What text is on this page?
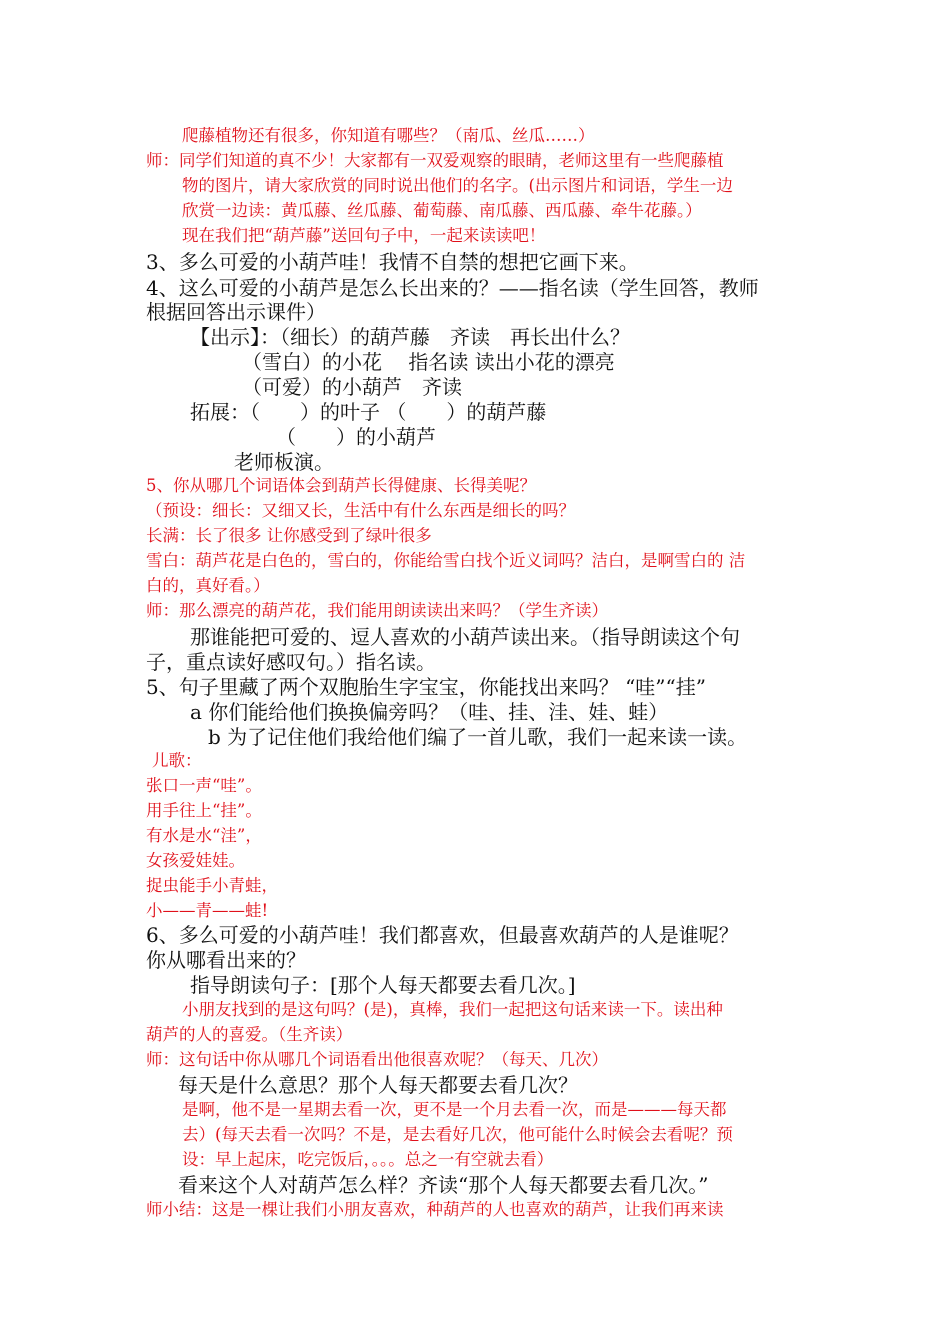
爬藤植物还有很多，你知道有哪些？（南瓜、丝瓜……）
师：同学们知道的真不少！大家都有一双爱观察的眼睛，老师这里有一些爬藤植
物的图片，请大家欣赏的同时说出他们的名字。(出示图片和词语，学生一边
欣赏一边读：黄瓜藤、丝瓜藤、葡萄藤、南瓜藤、西瓜藤、牵牛花藤。）
现在我们把“葫芦藤”送回句子中，一起来读读吧！
3、多么可爱的小葫芦哇！我情不自禁的想把它画下来。
4、这么可爱的小葫芦是怎么长出来的？——指名读（学生回答，教师
根据回答出示课件）
【出示】：（细长）的葫芦藤　齐读　再长出什么？
（雪白）的小花　 指名读 读出小花的漂亮
（可爱）的小葫芦　齐读
拓展：（　　）的叶子 （　　）的葫芦藤
（　　）的小葫芦
老师板演。
5、你从哪几个词语体会到葫芦长得健康、长得美呢？
（预设：细长：又细又长，生活中有什么东西是细长的吗？
长满：长了很多 让你感受到了绿叶很多
雪白：葫芦花是白色的，雪白的，你能给雪白找个近义词吗？洁白，是啊雪白的 洁
白的，真好看。）
师：那么漂亮的葫芦花，我们能用朗读读出来吗？（学生齐读）
那谁能把可爱的、逗人喜欢的小葫芦读出来。（指导朗读这个句
子，重点读好感叹句。）指名读。
5、句子里藏了两个双胞胎生字宝宝，你能找出来吗？ “哇”“挂”
a 你们能给他们换换偏旁吗？（哇、挂、洼、娃、蛙）
b 为了记住他们我给他们编了一首儿歌，我们一起来读一读。
儿歌：
张口一声“哇”。
用手往上“挂”。
有水是水“洼”，
女孩爱娃娃。
捉虫能手小青蛙，
小——青——蛙!
6、多么可爱的小葫芦哇！我们都喜欢，但最喜欢葫芦的人是谁呢？
你从哪看出来的？
指导朗读句子：[那个人每天都要去看几次。]
小朋友找到的是这句吗？(是)，真棒，我们一起把这句话来读一下。读出种
葫芦的人的喜爱。（生齐读）
师：这句话中你从哪几个词语看出他很喜欢呢？（每天、几次）
每天是什么意思？那个人每天都要去看几次？
是啊，他不是一星期去看一次，更不是一个月去看一次，而是———每天都
去）(每天去看一次吗？不是，是去看好几次，他可能什么时候会去看呢？预
设：早上起床，吃完饭后，。。。总之一有空就去看）
看来这个人对葫芦怎么样？齐读“那个人每天都要去看几次。”
师小结：这是一棵让我们小朋友喜欢，种葫芦的人也喜欢的葫芦，让我们再来读
